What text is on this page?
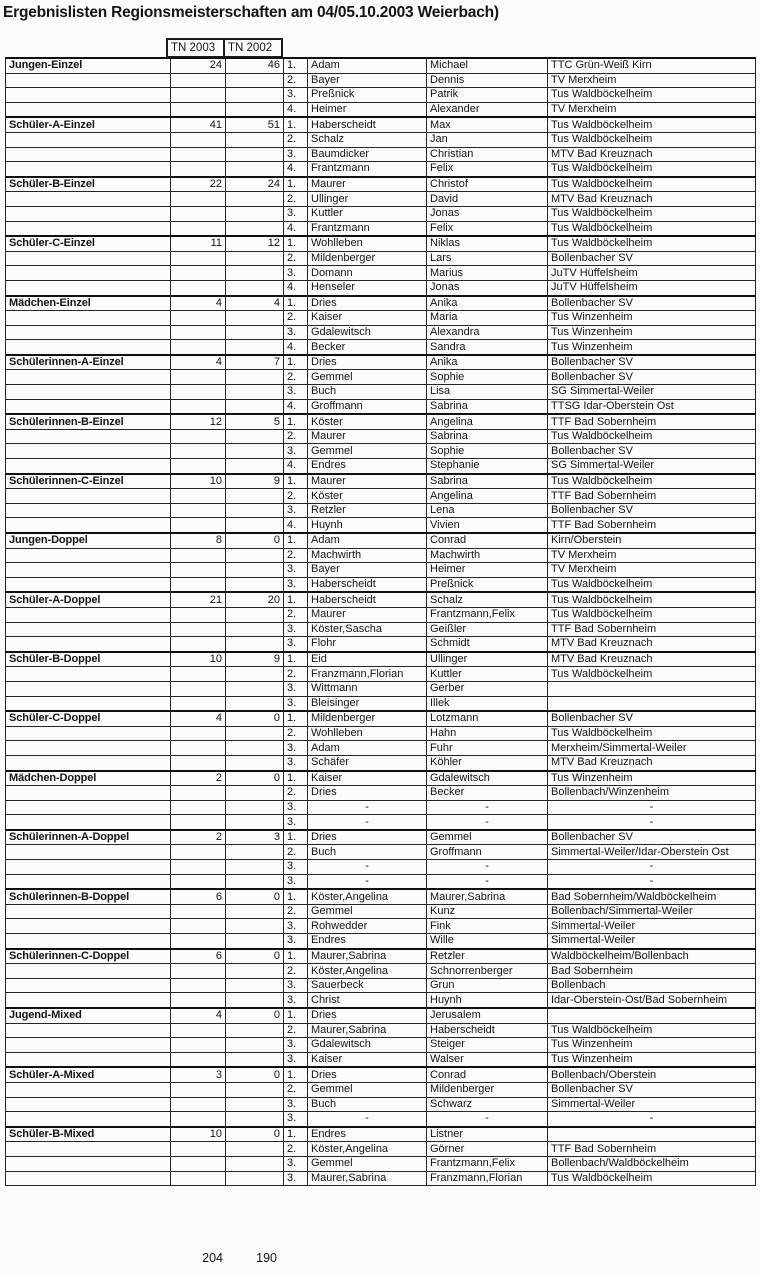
Ergebnislisten Regionsmeisterschaften am 04/05.10.2003 Weierbach)
TN 2003	TN 2002
Jungen-Einzel	24	46	1.	Adam	Michael	TTC Grün-Weiß Kirn
			2.	Bayer	Dennis	TV Merxheim
			3.	Preßnick	Patrik	Tus Waldböckelheim
			4.	Heimer	Alexander	TV Merxheim
Schüler-A-Einzel	41	51	1.	Haberscheidt	Max	Tus Waldböckelheim
			2.	Schalz	Jan	Tus Waldböckelheim
			3.	Baumdicker	Christian	MTV Bad Kreuznach
			4.	Frantzmann	Felix	Tus Waldböckelheim
Schüler-B-Einzel	22	24	1.	Maurer	Christof	Tus Waldböckelheim
			2.	Ullinger	David	MTV Bad Kreuznach
			3.	Kuttler	Jonas	Tus Waldböckelheim
			4.	Frantzmann	Felix	Tus Waldböckelheim
Schüler-C-Einzel	11	12	1.	Wohlleben	Niklas	Tus Waldböckelheim
			2.	Mildenberger	Lars	Bollenbacher SV
			3.	Domann	Marius	JuTV Hüffelsheim
			4.	Henseler	Jonas	JuTV Hüffelsheim
Mädchen-Einzel	4	4	1.	Dries	Anika	Bollenbacher SV
			2.	Kaiser	Maria	Tus Winzenheim
			3.	Gdalewitsch	Alexandra	Tus Winzenheim
			4.	Becker	Sandra	Tus Winzenheim
Schülerinnen-A-Einzel	4	7	1.	Dries	Anika	Bollenbacher SV
			2.	Gemmel	Sophie	Bollenbacher SV
			3.	Buch	Lisa	SG Simmertal-Weiler
			4.	Groffmann	Sabrina	TTSG Idar-Oberstein Ost
Schülerinnen-B-Einzel	12	5	1.	Köster	Angelina	TTF Bad Sobernheim
			2.	Maurer	Sabrina	Tus Waldböckelheim
			3.	Gemmel	Sophie	Bollenbacher SV
			4.	Endres	Stephanie	SG Simmertal-Weiler
Schülerinnen-C-Einzel	10	9	1.	Maurer	Sabrina	Tus Waldböckelheim
			2.	Köster	Angelina	TTF Bad Sobernheim
			3.	Retzler	Lena	Bollenbacher SV
			4.	Huynh	Vivien	TTF Bad Sobernheim
Jungen-Doppel	8	0	1.	Adam	Conrad	Kirn/Oberstein
			2.	Machwirth	Machwirth	TV Merxheim
			3.	Bayer	Heimer	TV Merxheim
			3.	Haberscheidt	Preßnick	Tus Waldböckelheim
Schüler-A-Doppel	21	20	1.	Haberscheidt	Schalz	Tus Waldböckelheim
			2.	Maurer	Frantzmann,Felix	Tus Waldböckelheim
			3.	Köster,Sascha	Geißler	TTF Bad Sobernheim
			3.	Flohr	Schmidt	MTV Bad Kreuznach
Schüler-B-Doppel	10	9	1.	Eid	Ullinger	MTV Bad Kreuznach
			2.	Franzmann,Florian	Kuttler	Tus Waldböckelheim
			3.	Wittmann	Gerber	
			3.	Bleisinger	Illek	
Schüler-C-Doppel	4	0	1.	Mildenberger	Lotzmann	Bollenbacher SV
			2.	Wohlleben	Hahn	Tus Waldböckelheim
			3.	Adam	Fuhr	Merxheim/Simmertal-Weiler
			3.	Schäfer	Köhler	MTV Bad Kreuznach
Mädchen-Doppel	2	0	1.	Kaiser	Gdalewitsch	Tus Winzenheim
			2.	Dries	Becker	Bollenbach/Winzenheim
			3.	-	-	-
			3.	-	-	-
Schülerinnen-A-Doppel	2	3	1.	Dries	Gemmel	Bollenbacher SV
			2.	Buch	Groffmann	Simmertal-Weiler/Idar-Oberstein Ost
			3.	-	-	-
			3.	-	-	-
Schülerinnen-B-Doppel	6	0	1.	Köster,Angelina	Maurer,Sabrina	Bad Sobernheim/Waldböckelheim
			2.	Gemmel	Kunz	Bollenbach/Simmertal-Weiler
			3.	Rohwedder	Fink	Simmertal-Weiler
			3.	Endres	Wille	Simmertal-Weiler
Schülerinnen-C-Doppel	6	0	1.	Maurer,Sabrina	Retzler	Waldböckelheim/Bollenbach
			2.	Köster,Angelina	Schnorrenberger	Bad Sobernheim
			3.	Sauerbeck	Grun	Bollenbach
			3.	Christ	Huynh	Idar-Oberstein-Ost/Bad Sobernheim
Jugend-Mixed	4	0	1.	Dries	Jerusalem	
			2.	Maurer,Sabrina	Haberscheidt	Tus Waldböckelheim
			3.	Gdalewitsch	Steiger	Tus Winzenheim
			3.	Kaiser	Walser	Tus Winzenheim
Schüler-A-Mixed	3	0	1.	Dries	Conrad	Bollenbach/Oberstein
			2.	Gemmel	Mildenberger	Bollenbacher SV
			3.	Buch	Schwarz	Simmertal-Weiler
			3.	-	-	-
Schüler-B-Mixed	10	0	1.	Endres	Listner	
			2.	Köster,Angelina	Görner	TTF Bad Sobernheim
			3.	Gemmel	Frantzmann,Felix	Bollenbach/Waldböckelheim
			3.	Maurer,Sabrina	Franzmann,Florian	Tus Waldböckelheim
204	190
